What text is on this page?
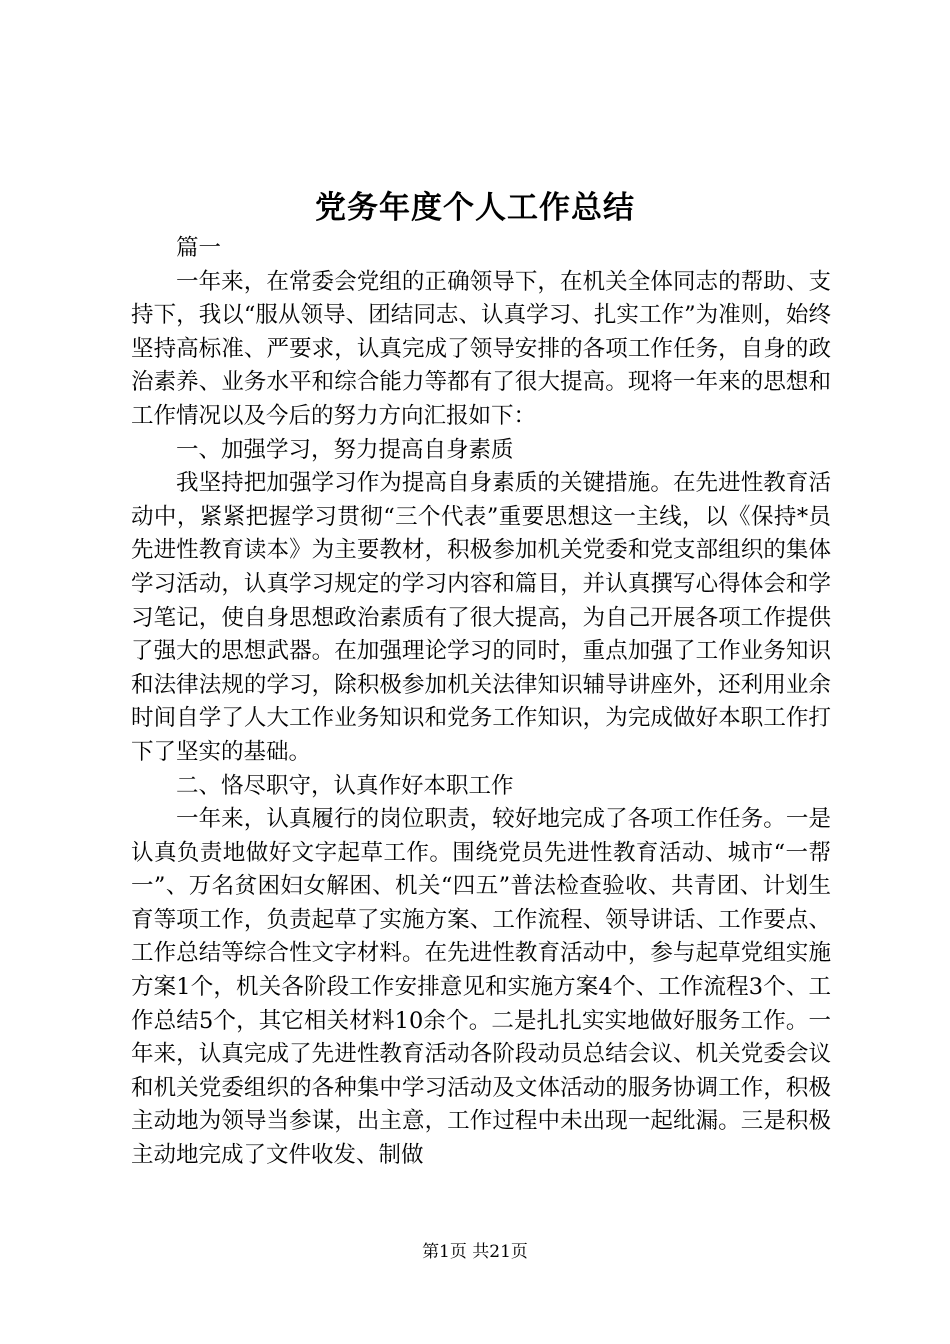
党务年度个人工作总结

篇一

一年来，在常委会党组的正确领导下，在机关全体同志的帮助、支持下，我以“服从领导、团结同志、认真学习、扎实工作”为准则，始终坚持高标准、严要求，认真完成了领导安排的各项工作任务，自身的政治素养、业务水平和综合能力等都有了很大提高。现将一年来的思想和工作情况以及今后的努力方向汇报如下：

一、加强学习，努力提高自身素质

我坚持把加强学习作为提高自身素质的关键措施。在先进性教育活动中，紧紧把握学习贯彻“三个代表”重要思想这一主线，以《保持*员先进性教育读本》为主要教材，积极参加机关党委和党支部组织的集体学习活动，认真学习规定的学习内容和篇目，并认真撰写心得体会和学习笔记，使自身思想政治素质有了很大提高，为自己开展各项工作提供了强大的思想武器。在加强理论学习的同时，重点加强了工作业务知识和法律法规的学习，除积极参加机关法律知识辅导讲座外，还利用业余时间自学了人大工作业务知识和党务工作知识，为完成做好本职工作打下了坚实的基础。

二、恪尽职守，认真作好本职工作

一年来，认真履行的岗位职责，较好地完成了各项工作任务。一是认真负责地做好文字起草工作。围绕党员先进性教育活动、城市“一帮一”、万名贫困妇女解困、机关“四五”普法检查验收、共青团、计划生育等项工作，负责起草了实施方案、工作流程、领导讲话、工作要点、工作总结等综合性文字材料。在先进性教育活动中，参与起草党组实施方案1个，机关各阶段工作安排意见和实施方案4个、工作流程3个、工作总结5个，其它相关材料10余个。二是扎扎实实地做好服务工作。一年来，认真完成了先进性教育活动各阶段动员总结会议、机关党委会议和机关党委组织的各种集中学习活动及文体活动的服务协调工作，积极主动地为领导当参谋，出主意，工作过程中未出现一起纰漏。三是积极主动地完成了文件收发、制做

第1页 共21页
